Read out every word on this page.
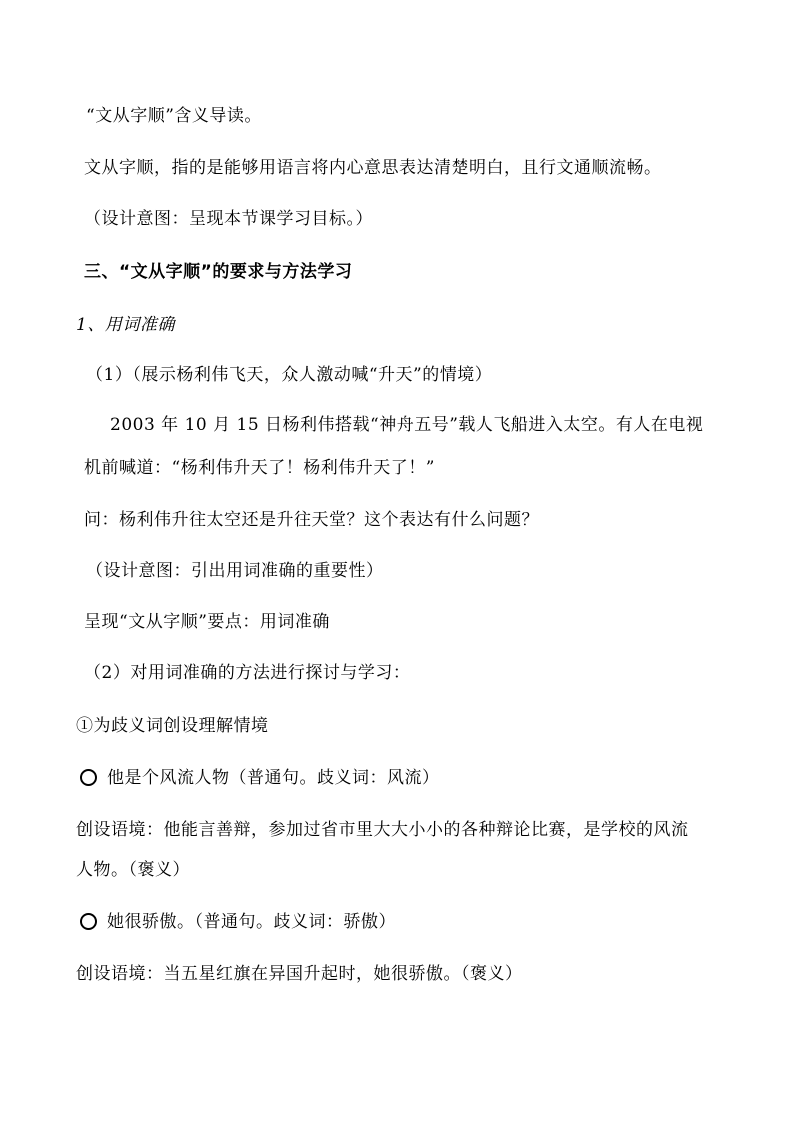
“文从字顺”含义导读。
文从字顺，指的是能够用语言将内心意思表达清楚明白，且行文通顺流畅。
（设计意图：呈现本节课学习目标。）
三、“文从字顺”的要求与方法学习
1、用词准确
（1）（展示杨利伟飞天，众人激动喊“升天”的情境）
2003 年 10 月 15 日杨利伟搭载“神舟五号”载人飞船进入太空。有人在电视
机前喊道：“杨利伟升天了！杨利伟升天了！”
问：杨利伟升往太空还是升往天堂？这个表达有什么问题？
（设计意图：引出用词准确的重要性）
呈现“文从字顺”要点：用词准确
（2）对用词准确的方法进行探讨与学习：
①为歧义词创设理解情境
他是个风流人物（普通句。歧义词：风流）
创设语境：他能言善辩，参加过省市里大大小小的各种辩论比赛，是学校的风流
人物。（褒义）
她很骄傲。（普通句。歧义词：骄傲）
创设语境：当五星红旗在异国升起时，她很骄傲。（褒义）
